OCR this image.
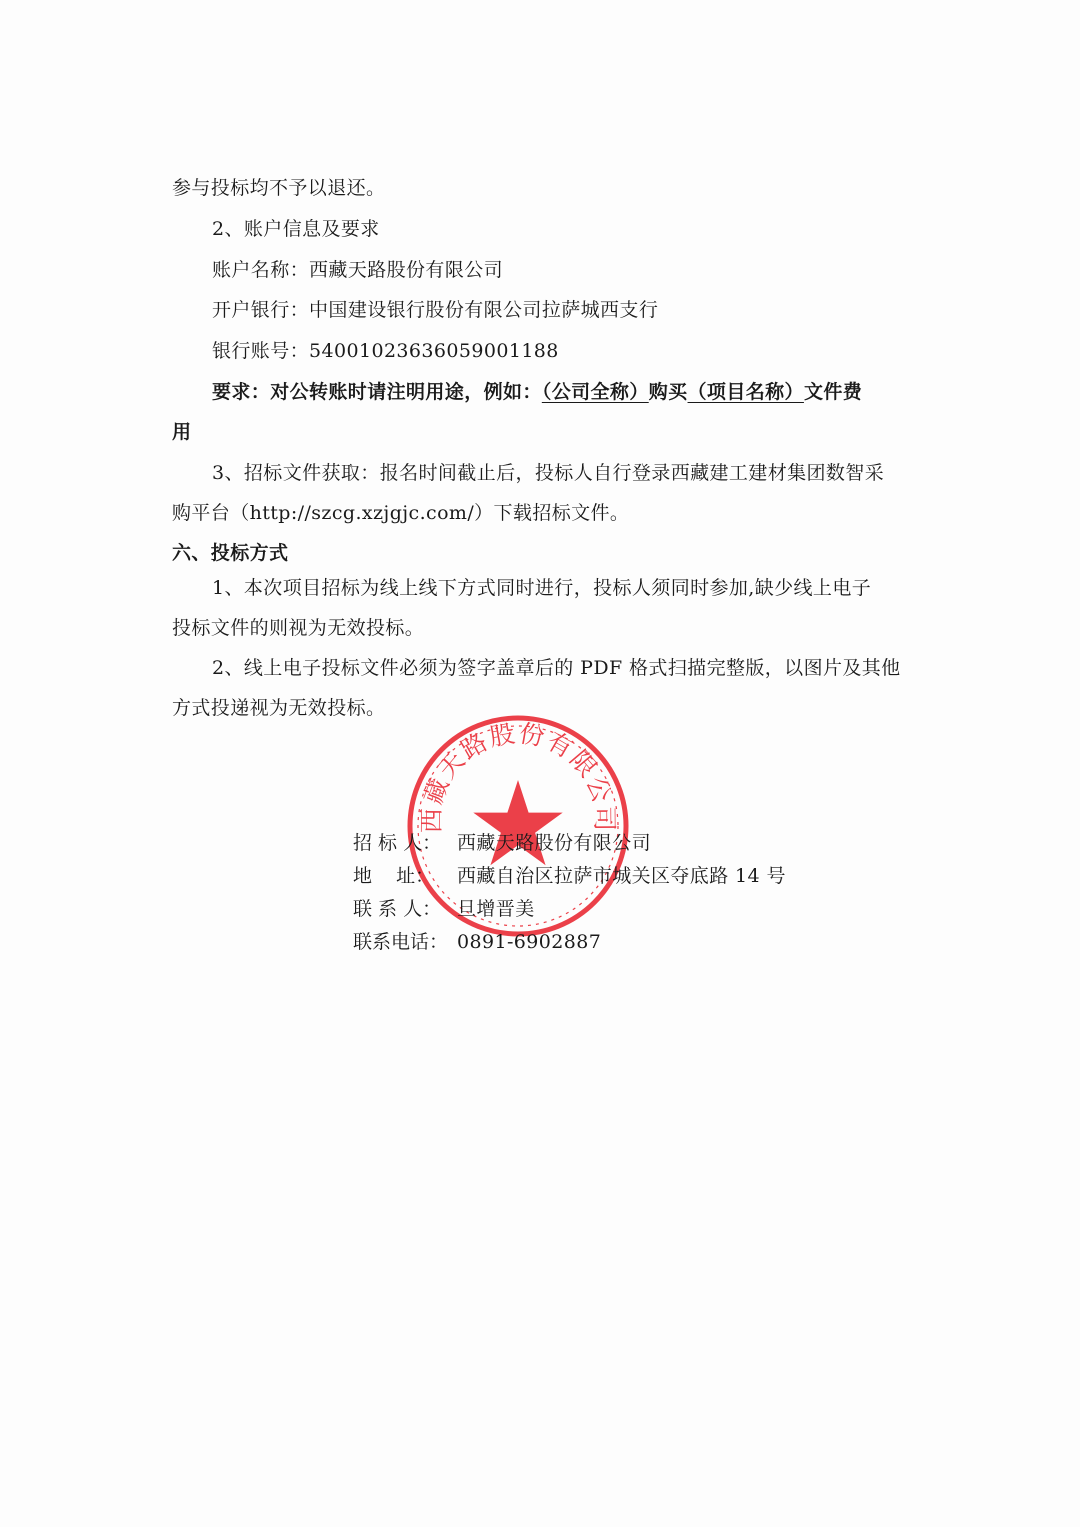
参与投标均不予以退还。
2、账户信息及要求
账户名称：西藏天路股份有限公司
开户银行：中国建设银行股份有限公司拉萨城西支行
银行账号：54001023636059001188
要求：对公转账时请注明用途，例如：（公司全称）购买（项目名称）文件费
用
3、招标文件获取：报名时间截止后，投标人自行登录西藏建工建材集团数智采
购平台（http://szcg.xzjgjc.com/）下载招标文件。
六、投标方式
1、本次项目招标为线上线下方式同时进行，投标人须同时参加,缺少线上电子
投标文件的则视为无效投标。
2、线上电子投标文件必须为签字盖章后的 PDF 格式扫描完整版，以图片及其他
方式投递视为无效投标。
西藏天路股份有限公司
招 标 人： 西藏天路股份有限公司
地    址： 西藏自治区拉萨市城关区夺底路 14 号
联 系 人： 旦增晋美
联系电话： 0891-6902887
